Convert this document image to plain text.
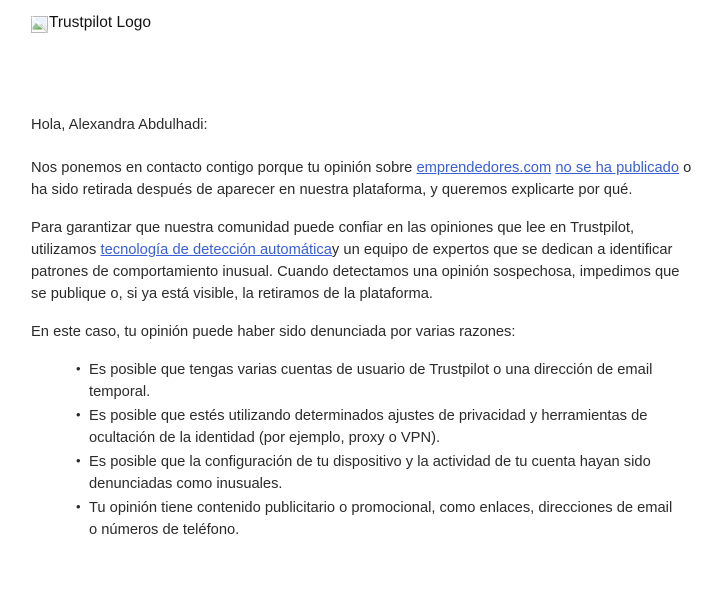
Trustpilot Logo

Hola, Alexandra Abdulhadi:

Nos ponemos en contacto contigo porque tu opinión sobre emprendedores.com no se ha publicado o ha sido retirada después de aparecer en nuestra plataforma, y queremos explicarte por qué.

Para garantizar que nuestra comunidad puede confiar en las opiniones que lee en Trustpilot, utilizamos tecnología de detección automáticay un equipo de expertos que se dedican a identificar patrones de comportamiento inusual. Cuando detectamos una opinión sospechosa, impedimos que se publique o, si ya está visible, la retiramos de la plataforma.

En este caso, tu opinión puede haber sido denunciada por varias razones:

• Es posible que tengas varias cuentas de usuario de Trustpilot o una dirección de email temporal.
• Es posible que estés utilizando determinados ajustes de privacidad y herramientas de ocultación de la identidad (por ejemplo, proxy o VPN).
• Es posible que la configuración de tu dispositivo y la actividad de tu cuenta hayan sido denunciadas como inusuales.
• Tu opinión tiene contenido publicitario o promocional, como enlaces, direcciones de email o números de teléfono.
